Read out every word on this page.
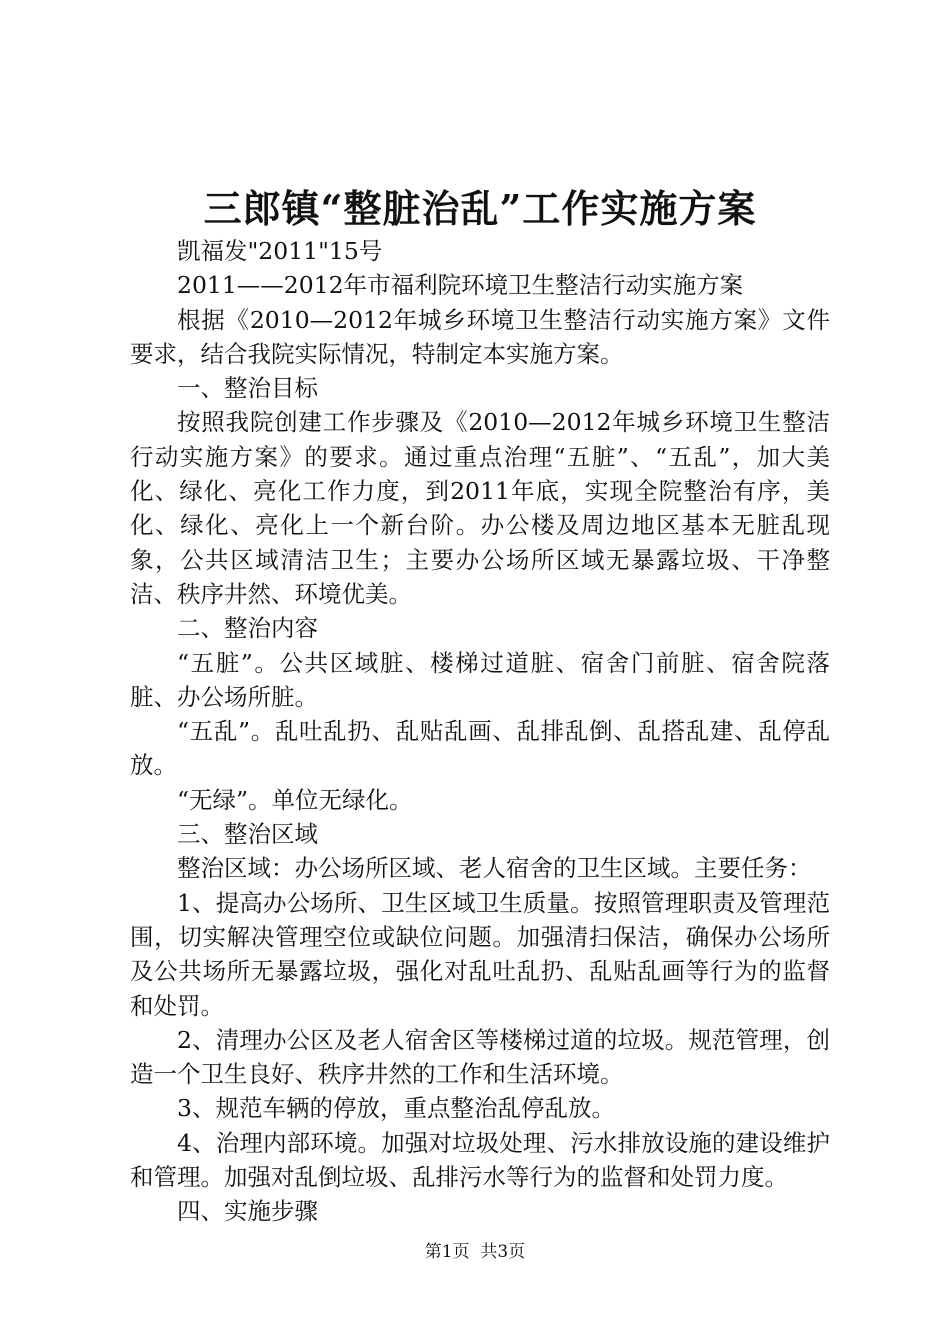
三郎镇“整脏治乱”工作实施方案

凯福发"2011"15号

2011——2012年市福利院环境卫生整洁行动实施方案

根据《2010—2012年城乡环境卫生整洁行动实施方案》文件要求，结合我院实际情况，特制定本实施方案。

一、整治目标

按照我院创建工作步骤及《2010—2012年城乡环境卫生整洁行动实施方案》的要求。通过重点治理“五脏”、“五乱”，加大美化、绿化、亮化工作力度，到2011年底，实现全院整治有序，美化、绿化、亮化上一个新台阶。办公楼及周边地区基本无脏乱现象，公共区域清洁卫生；主要办公场所区域无暴露垃圾、干净整洁、秩序井然、环境优美。

二、整治内容

“五脏”。公共区域脏、楼梯过道脏、宿舍门前脏、宿舍院落脏、办公场所脏。

“五乱”。乱吐乱扔、乱贴乱画、乱排乱倒、乱搭乱建、乱停乱放。

“无绿”。单位无绿化。

三、整治区域

整治区域：办公场所区域、老人宿舍的卫生区域。主要任务：

1、提高办公场所、卫生区域卫生质量。按照管理职责及管理范围，切实解决管理空位或缺位问题。加强清扫保洁，确保办公场所及公共场所无暴露垃圾，强化对乱吐乱扔、乱贴乱画等行为的监督和处罚。

2、清理办公区及老人宿舍区等楼梯过道的垃圾。规范管理，创造一个卫生良好、秩序井然的工作和生活环境。

3、规范车辆的停放，重点整治乱停乱放。

4、治理内部环境。加强对垃圾处理、污水排放设施的建设维护和管理。加强对乱倒垃圾、乱排污水等行为的监督和处罚力度。

四、实施步骤

第1页 共3页
